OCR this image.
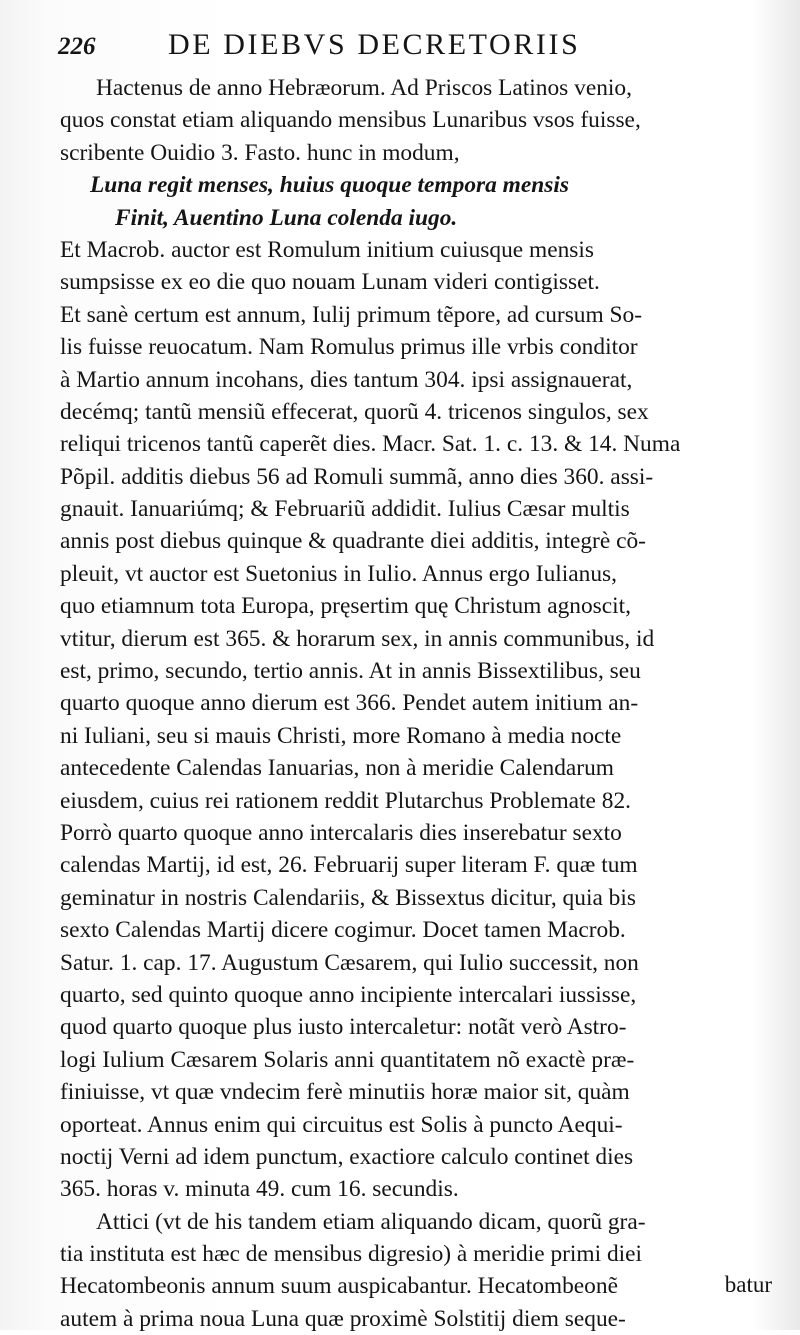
226	DE DIEBVS DECRETORIIS
Hactenus de anno Hebræorum. Ad Priscos Latinos venio,
quos constat etiam aliquando mensibus Lunaribus vsos fuisse,
scribente Ouidio 3. Fasto. hunc in modum,
Luna regit menses, huius quoque tempora mensis
Finit, Auentino Luna colenda iugo.
Et Macrob. auctor est Romulum initium cuiusque mensis
sumpsisse ex eo die quo nouam Lunam videri contigisset.
Et sanè certum est annum, Iulij primum tẽpore, ad cursum So-
lis fuisse reuocatum. Nam Romulus primus ille vrbis conditor
à Martio annum incohans, dies tantum 304. ipsi assignauerat,
decémq; tantũ mensiũ effecerat, quorũ 4. tricenos singulos, sex
reliqui tricenos tantũ caperẽt dies. Macr. Sat. 1. c. 13. & 14. Numa
Põpil. additis diebus 56 ad Romuli summã, anno dies 360. assi-
gnauit. Ianuariúmq; & Februariũ addidit. Iulius Cæsar multis
annis post diebus quinque & quadrante diei additis, integrè cõ-
pleuit, vt auctor est Suetonius in Iulio. Annus ergo Iulianus,
quo etiamnum tota Europa, pręsertim quę Christum agnoscit,
vtitur, dierum est 365. & horarum sex, in annis communibus, id
est, primo, secundo, tertio annis. At in annis Bissextilibus, seu
quarto quoque anno dierum est 366. Pendet autem initium an-
ni Iuliani, seu si mauis Christi, more Romano à media nocte
antecedente Calendas Ianuarias, non à meridie Calendarum
eiusdem, cuius rei rationem reddit Plutarchus Problemate 82.
Porrò quarto quoque anno intercalaris dies inserebatur sexto
calendas Martij, id est, 26. Februarij super literam F. quæ tum
geminatur in nostris Calendariis, & Bissextus dicitur, quia bis
sexto Calendas Martij dicere cogimur. Docet tamen Macrob.
Satur. 1. cap. 17. Augustum Cæsarem, qui Iulio successit, non
quarto, sed quinto quoque anno incipiente intercalari iussisse,
quod quarto quoque plus iusto intercaletur: notãt verò Astro-
logi Iulium Cæsarem Solaris anni quantitatem nõ exactè præ-
finiuisse, vt quæ vndecim ferè minutiis horæ maior sit, quàm
oporteat. Annus enim qui circuitus est Solis à puncto Aequi-
noctij Verni ad idem punctum, exactiore calculo continet dies
365. horas v. minuta 49. cum 16. secundis.
Attici (vt de his tandem etiam aliquando dicam, quorũ gra-
tia instituta est hæc de mensibus digresio) à meridie primi diei
Hecatombeonis annum suum auspicabantur. Hecatombeonẽ
autem à prima noua Luna quæ proximè Solstitij diem seque-
batur
